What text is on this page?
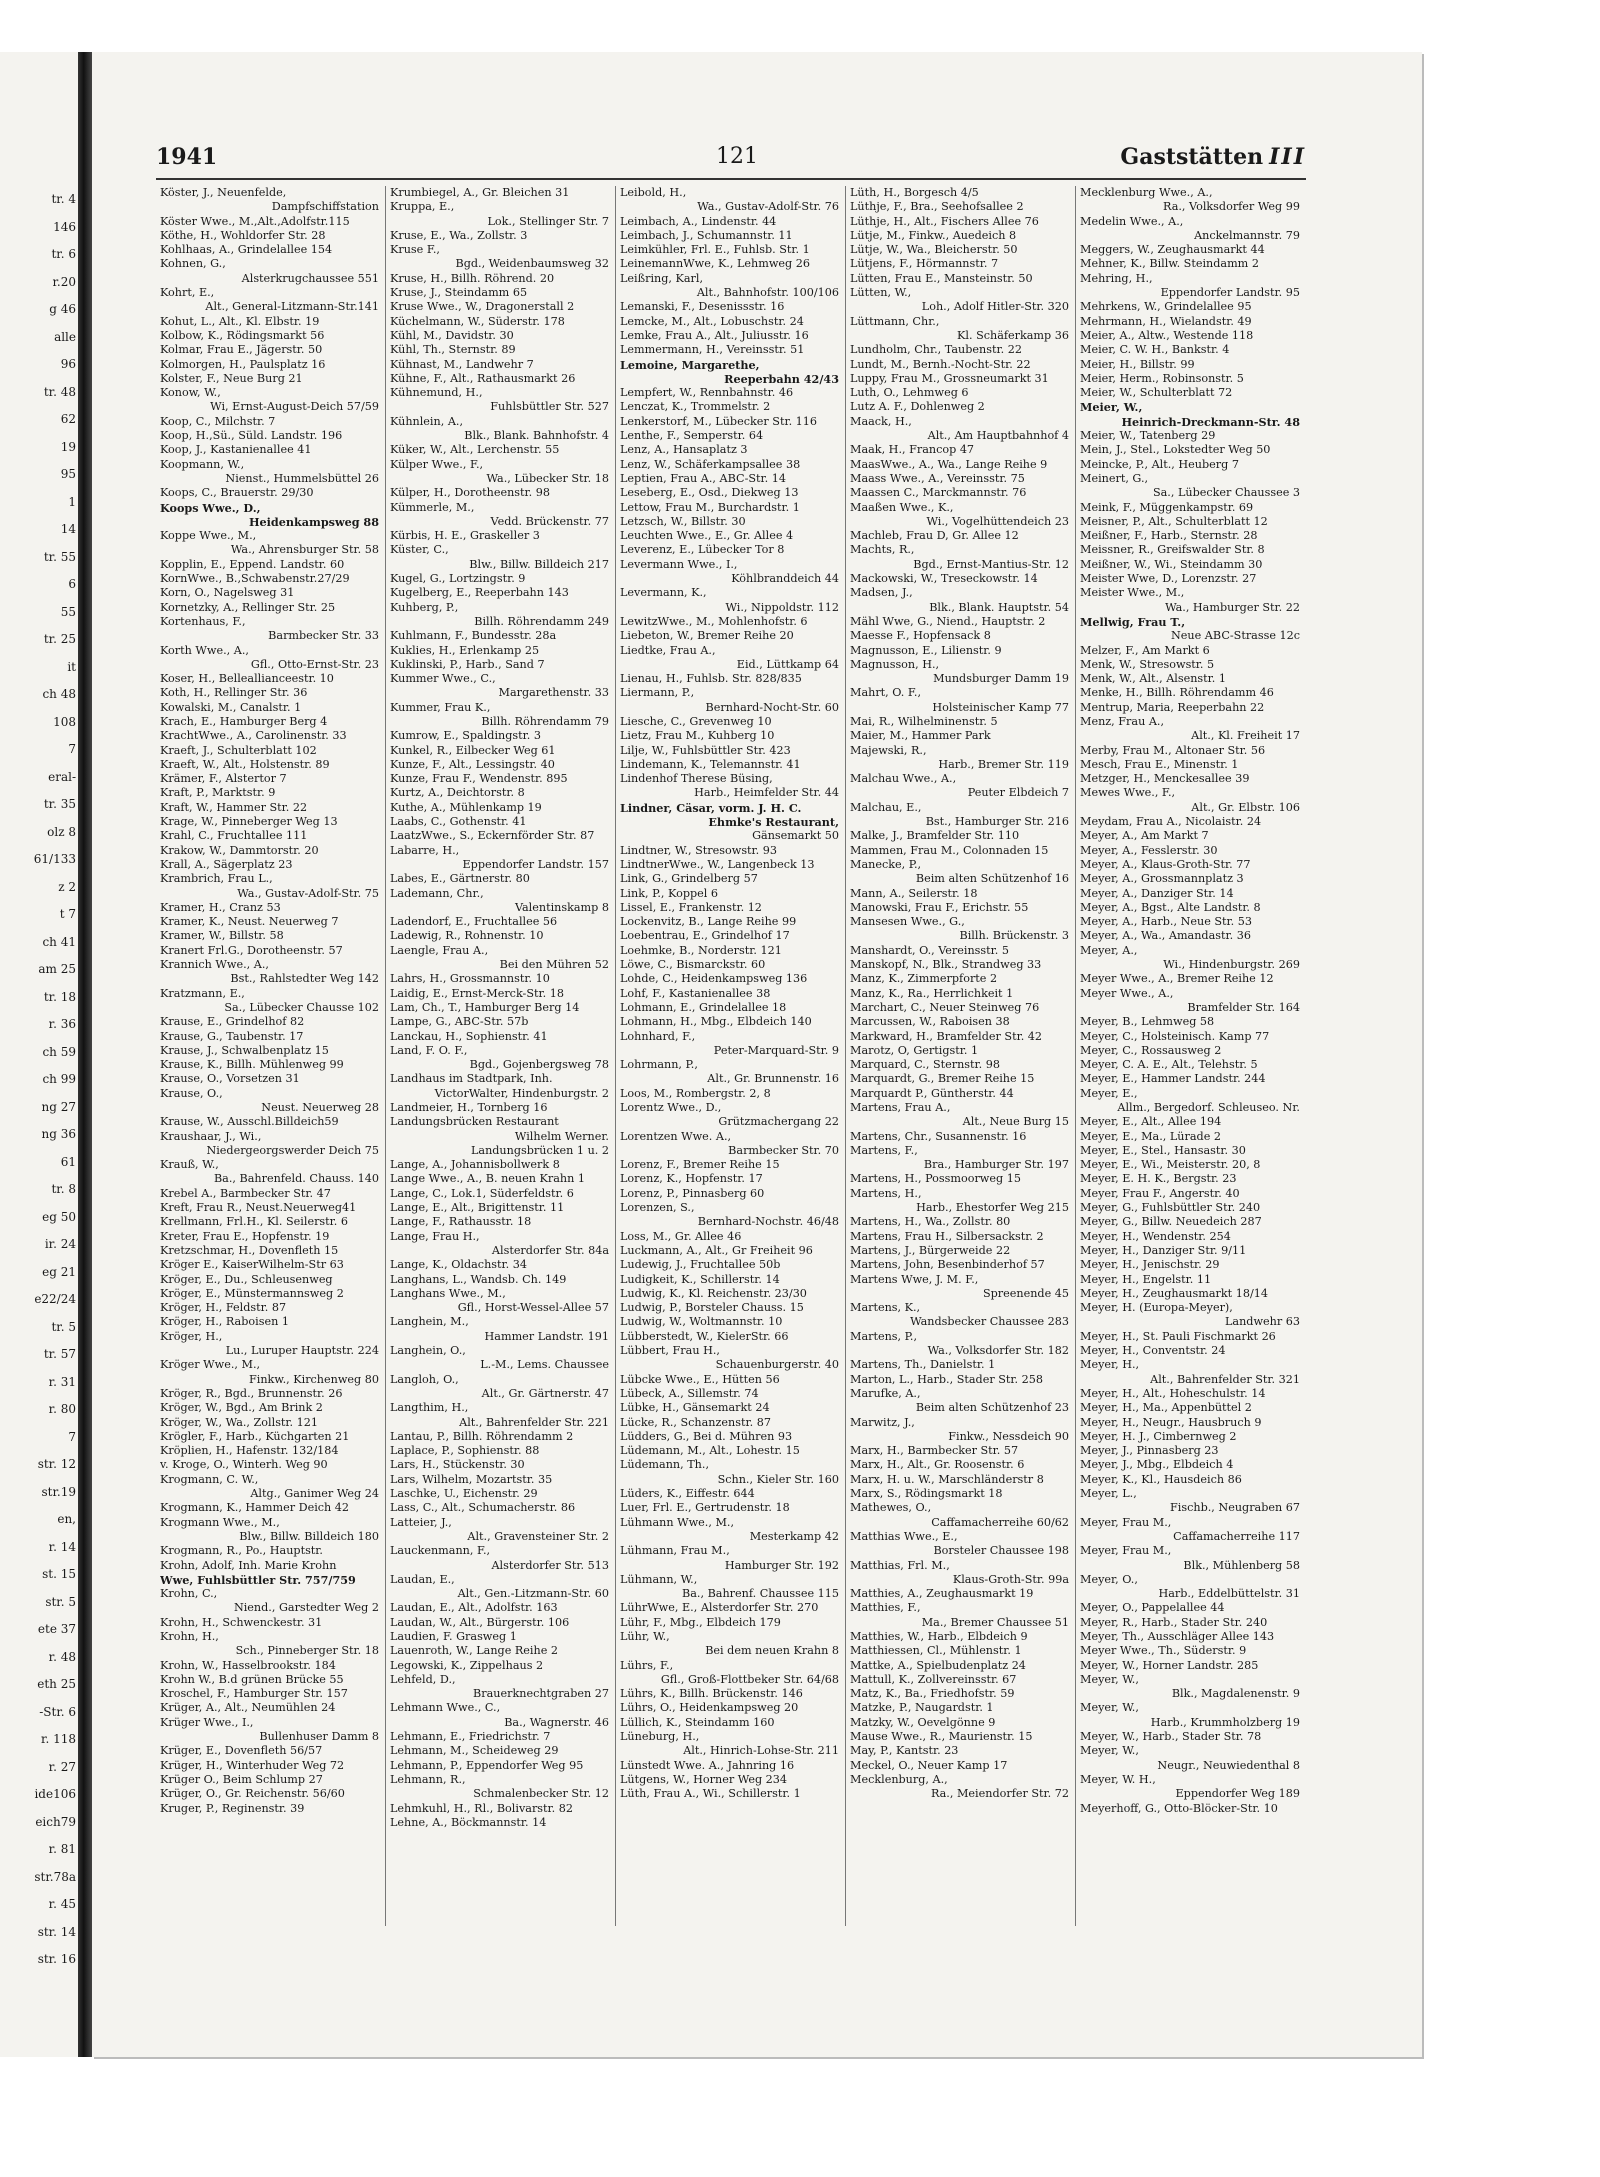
tr. 4
146
tr. 6
r.20
g 46
alle
96
tr. 48
62
19
95
1
14
tr. 55
6
55
tr. 25
it
ch 48
108
7
eral-
tr. 35
olz 8
61/133
z 2
t 7
ch 41
am 25
tr. 18
r. 36
ch 59
ch 99
ng 27
ng 36
61
tr. 8
eg 50
ir. 24
eg 21
e22/24
tr. 5
tr. 57
r. 31
r. 80
7
str. 12
str.19
en,
r. 14
st. 15
str. 5
ete 37
r. 48
eth 25
-Str. 6
r. 118
r. 27
ide106
eich79
r. 81
str.78a
r. 45
str. 14
str. 16
1941	121	Gaststätten III
Köster, J., Neuenfelde,
Dampfschiffstation
Köster Wwe., M.,Alt.,Adolfstr.115
Köthe, H., Wohldorfer Str. 28
Kohlhaas, A., Grindelallee 154
Kohnen, G.,
Alsterkrugchaussee 551
Kohrt, E.,
Alt., General-Litzmann-Str.141
Kohut, L., Alt., Kl. Elbstr. 19
Kolbow, K., Rödingsmarkt 56
Kolmar, Frau E., Jägerstr. 50
Kolmorgen, H., Paulsplatz 16
Kolster, F., Neue Burg 21
Konow, W.,
Wi, Ernst-August-Deich 57/59
Koop, C., Milchstr. 7
Koop, H.,Sü., Süld. Landstr. 196
Koop, J., Kastanienallee 41
Koopmann, W.,
Nienst., Hummelsbüttel 26
Koops, C., Brauerstr. 29/30
Koops Wwe., D.,
Heidenkampsweg 88
Koppe Wwe., M.,
Wa., Ahrensburger Str. 58
Kopplin, E., Eppend. Landstr. 60
KornWwe., B.,Schwabenstr.27/29
Korn, O., Nagelsweg 31
Kornetzky, A., Rellinger Str. 25
Kortenhaus, F.,
Barmbecker Str. 33
Korth Wwe., A.,
Gfl., Otto-Ernst-Str. 23
Koser, H., Belleallianceestr. 10
Koth, H., Rellinger Str. 36
Kowalski, M., Canalstr. 1
Krach, E., Hamburger Berg 4
KrachtWwe., A., Carolinenstr. 33
Kraeft, J., Schulterblatt 102
Kraeft, W., Alt., Holstenstr. 89
Krämer, F., Alstertor 7
Kraft, P., Marktstr. 9
Kraft, W., Hammer Str. 22
Krage, W., Pinneberger Weg 13
Krahl, C., Fruchtallee 111
Krakow, W., Dammtorstr. 20
Krall, A., Sägerplatz 23
Krambrich, Frau L.,
Wa., Gustav-Adolf-Str. 75
Kramer, H., Cranz 53
Kramer, K., Neust. Neuerweg 7
Kramer, W., Billstr. 58
Kranert Frl.G., Dorotheenstr. 57
Krannich Wwe., A.,
Bst., Rahlstedter Weg 142
Kratzmann, E.,
Sa., Lübecker Chausse 102
Krause, E., Grindelhof 82
Krause, G., Taubenstr. 17
Krause, J., Schwalbenplatz 15
Krause, K., Billh. Mühlenweg 99
Krause, O., Vorsetzen 31
Krause, O.,
Neust. Neuerweg 28
Krause, W., Ausschl.Billdeich59
Kraushaar, J., Wi.,
Niedergeorgswerder Deich 75
Krauß, W.,
Ba., Bahrenfeld. Chauss. 140
Krebel A., Barmbecker Str. 47
Kreft, Frau R., Neust.Neuerweg41
Krellmann, Frl.H., Kl. Seilerstr. 6
Kreter, Frau E., Hopfenstr. 19
Kretzschmar, H., Dovenfleth 15
Kröger E., KaiserWilhelm-Str 63
Kröger, E., Du., Schleusenweg
Kröger, E., Münstermannsweg 2
Kröger, H., Feldstr. 87
Kröger, H., Raboisen 1
Kröger, H.,
Lu., Luruper Hauptstr. 224
Kröger Wwe., M.,
Finkw., Kirchenweg 80
Kröger, R., Bgd., Brunnenstr. 26
Kröger, W., Bgd., Am Brink 2
Kröger, W., Wa., Zollstr. 121
Krögler, F., Harb., Küchgarten 21
Kröplien, H., Hafenstr. 132/184
v. Kroge, O., Winterh. Weg 90
Krogmann, C. W.,
Altg., Ganimer Weg 24
Krogmann, K., Hammer Deich 42
Krogmann Wwe., M.,
Blw., Billw. Billdeich 180
Krogmann, R., Po., Hauptstr.
Krohn, Adolf, Inh. Marie Krohn
Wwe, Fuhlsbüttler Str. 757/759
Krohn, C.,
Niend., Garstedter Weg 2
Krohn, H., Schwenckestr. 31
Krohn, H.,
Sch., Pinneberger Str. 18
Krohn, W., Hasselbrookstr. 184
Krohn W., B.d grünen Brücke 55
Kroschel, F., Hamburger Str. 157
Krüger, A., Alt., Neumühlen 24
Krüger Wwe., I.,
Bullenhuser Damm 8
Krüger, E., Dovenfleth 56/57
Krüger, H., Winterhuder Weg 72
Krüger O., Beim Schlump 27
Krüger, O., Gr. Reichenstr. 56/60
Kruger, P., Reginenstr. 39
Krumbiegel, A., Gr. Bleichen 31
Kruppa, E.,
Lok., Stellinger Str. 7
Kruse, E., Wa., Zollstr. 3
Kruse F.,
Bgd., Weidenbaumsweg 32
Kruse, H., Billh. Röhrend. 20
Kruse, J., Steindamm 65
Kruse Wwe., W., Dragonerstall 2
Küchelmann, W., Süderstr. 178
Kühl, M., Davidstr. 30
Kühl, Th., Sternstr. 89
Kühnast, M., Landwehr 7
Kühne, F., Alt., Rathausmarkt 26
Kühnemund, H.,
Fuhlsbüttler Str. 527
Kühnlein, A.,
Blk., Blank. Bahnhofstr. 4
Küker, W., Alt., Lerchenstr. 55
Külper Wwe., F.,
Wa., Lübecker Str. 18
Külper, H., Dorotheenstr. 98
Kümmerle, M.,
Vedd. Brückenstr. 77
Kürbis, H. E., Graskeller 3
Küster, C.,
Blw., Billw. Billdeich 217
Kugel, G., Lortzingstr. 9
Kugelberg, E., Reeperbahn 143
Kuhberg, P.,
Billh. Röhrendamm 249
Kuhlmann, F., Bundesstr. 28a
Kuklies, H., Erlenkamp 25
Kuklinski, P., Harb., Sand 7
Kummer Wwe., C.,
Margarethenstr. 33
Kummer, Frau K.,
Billh. Röhrendamm 79
Kumrow, E., Spaldingstr. 3
Kunkel, R., Eilbecker Weg 61
Kunze, F., Alt., Lessingstr. 40
Kunze, Frau F., Wendenstr. 895
Kurtz, A., Deichtorstr. 8
Kuthe, A., Mühlenkamp 19
Laabs, C., Gothenstr. 41
LaatzWwe., S., Eckernförder Str. 87
Labarre, H.,
Eppendorfer Landstr. 157
Labes, E., Gärtnerstr. 80
Lademann, Chr.,
Valentinskamp 8
Ladendorf, E., Fruchtallee 56
Ladewig, R., Rohnenstr. 10
Laengle, Frau A.,
Bei den Mühren 52
Lahrs, H., Grossmannstr. 10
Laidig, E., Ernst-Merck-Str. 18
Lam, Ch., T., Hamburger Berg 14
Lampe, G., ABC-Str. 57b
Lanckau, H., Sophienstr. 41
Land, F. O. F.,
Bgd., Gojenbergsweg 78
Landhaus im Stadtpark, Inh.
VictorWalter, Hindenburgstr. 2
Landmeier, H., Tornberg 16
Landungsbrücken Restaurant
Wilhelm Werner.
Landungsbrücken 1 u. 2
Lange, A., Johannisbollwerk 8
Lange Wwe., A., B. neuen Krahn 1
Lange, C., Lok.1, Süderfeldstr. 6
Lange, E., Alt., Brigittenstr. 11
Lange, F., Rathausstr. 18
Lange, Frau H.,
Alsterdorfer Str. 84a
Lange, K., Oldachstr. 34
Langhans, L., Wandsb. Ch. 149
Langhans Wwe., M.,
Gfl., Horst-Wessel-Allee 57
Langhein, M.,
Hammer Landstr. 191
Langhein, O.,
L.-M., Lems. Chaussee
Langloh, O.,
Alt., Gr. Gärtnerstr. 47
Langthim, H.,
Alt., Bahrenfelder Str. 221
Lantau, P., Billh. Röhrendamm 2
Laplace, P., Sophienstr. 88
Lars, H., Stückenstr. 30
Lars, Wilhelm, Mozartstr. 35
Laschke, U., Eichenstr. 29
Lass, C., Alt., Schumacherstr. 86
Latteier, J.,
Alt., Gravensteiner Str. 2
Lauckenmann, F.,
Alsterdorfer Str. 513
Laudan, E.,
Alt., Gen.-Litzmann-Str. 60
Laudan, E., Alt., Adolfstr. 163
Laudan, W., Alt., Bürgerstr. 106
Laudien, F. Grasweg 1
Lauenroth, W., Lange Reihe 2
Legowski, K., Zippelhaus 2
Lehfeld, D.,
Brauerknechtgraben 27
Lehmann Wwe., C.,
Ba., Wagnerstr. 46
Lehmann, E., Friedrichstr. 7
Lehmann, M., Scheideweg 29
Lehmann, P., Eppendorfer Weg 95
Lehmann, R.,
Schmalenbecker Str. 12
Lehmkuhl, H., Rl., Bolivarstr. 82
Lehne, A., Böckmannstr. 14
Leibold, H.,
Wa., Gustav-Adolf-Str. 76
Leimbach, A., Lindenstr. 44
Leimbach, J., Schumannstr. 11
Leimkühler, Frl. E., Fuhlsb. Str. 1
LeinemannWwe, K., Lehmweg 26
Leißring, Karl,
Alt., Bahnhofstr. 100/106
Lemanski, F., Desenissstr. 16
Lemcke, M., Alt., Lobuschstr. 24
Lemke, Frau A., Alt., Juliusstr. 16
Lemmermann, H., Vereinsstr. 51
Lemoine, Margarethe,
Reeperbahn 42/43
Lempfert, W., Rennbahnstr. 46
Lenczat, K., Trommelstr. 2
Lenkerstorf, M., Lübecker Str. 116
Lenthe, F., Semperstr. 64
Lenz, A., Hansaplatz 3
Lenz, W., Schäferkampsallee 38
Leptien, Frau A., ABC-Str. 14
Leseberg, E., Osd., Diekweg 13
Lettow, Frau M., Burchardstr. 1
Letzsch, W., Billstr. 30
Leuchten Wwe., E., Gr. Allee 4
Leverenz, E., Lübecker Tor 8
Levermann Wwe., I.,
Köhlbranddeich 44
Levermann, K.,
Wi., Nippoldstr. 112
LewitzWwe., M., Mohlenhofstr. 6
Liebeton, W., Bremer Reihe 20
Liedtke, Frau A.,
Eid., Lüttkamp 64
Lienau, H., Fuhlsb. Str. 828/835
Liermann, P.,
Bernhard-Nocht-Str. 60
Liesche, C., Grevenweg 10
Lietz, Frau M., Kuhberg 10
Lilje, W., Fuhlsbüttler Str. 423
Lindemann, K., Telemannstr. 41
Lindenhof Therese Büsing,
Harb., Heimfelder Str. 44
Lindner, Cäsar, vorm. J. H. C.
Ehmke's Restaurant,
Gänsemarkt 50
Lindtner, W., Stresowstr. 93
LindtnerWwe., W., Langenbeck 13
Link, G., Grindelberg 57
Link, P., Koppel 6
Lissel, E., Frankenstr. 12
Lockenvitz, B., Lange Reihe 99
Loebentrau, E., Grindelhof 17
Loehmke, B., Norderstr. 121
Löwe, C., Bismarckstr. 60
Lohde, C., Heidenkampsweg 136
Lohf, F., Kastanienallee 38
Lohmann, E., Grindelallee 18
Lohmann, H., Mbg., Elbdeich 140
Lohnhard, F.,
Peter-Marquard-Str. 9
Lohrmann, P.,
Alt., Gr. Brunnenstr. 16
Loos, M., Rombergstr. 2, 8
Lorentz Wwe., D.,
Grützmachergang 22
Lorentzen Wwe. A.,
Barmbecker Str. 70
Lorenz, F., Bremer Reihe 15
Lorenz, K., Hopfenstr. 17
Lorenz, P., Pinnasberg 60
Lorenzen, S.,
Bernhard-Nochstr. 46/48
Loss, M., Gr. Allee 46
Luckmann, A., Alt., Gr Freiheit 96
Ludewig, J., Fruchtallee 50b
Ludigkeit, K., Schillerstr. 14
Ludwig, K., Kl. Reichenstr. 23/30
Ludwig, P., Borsteler Chauss. 15
Ludwig, W., Woltmannstr. 10
Lübberstedt, W., KielerStr. 66
Lübbert, Frau H.,
Schauenburgerstr. 40
Lübcke Wwe., E., Hütten 56
Lübeck, A., Sillemstr. 74
Lübke, H., Gänsemarkt 24
Lücke, R., Schanzenstr. 87
Lüdders, G., Bei d. Mühren 93
Lüdemann, M., Alt., Lohestr. 15
Lüdemann, Th.,
Schn., Kieler Str. 160
Lüders, K., Eiffestr. 644
Luer, Frl. E., Gertrudenstr. 18
Lühmann Wwe., M.,
Mesterkamp 42
Lühmann, Frau M.,
Hamburger Str. 192
Lühmann, W.,
Ba., Bahrenf. Chaussee 115
LührWwe, E., Alsterdorfer Str. 270
Lühr, F., Mbg., Elbdeich 179
Lühr, W.,
Bei dem neuen Krahn 8
Lührs, F.,
Gfl., Groß-Flottbeker Str. 64/68
Lührs, K., Billh. Brückenstr. 146
Lührs, O., Heidenkampsweg 20
Lüllich, K., Steindamm 160
Lüneburg, H.,
Alt., Hinrich-Lohse-Str. 211
Lünstedt Wwe. A., Jahnring 16
Lütgens, W., Horner Weg 234
Lüth, Frau A., Wi., Schillerstr. 1
Lüth, H., Borgesch 4/5
Lüthje, F., Bra., Seehofsallee 2
Lüthje, H., Alt., Fischers Allee 76
Lütje, M., Finkw., Auedeich 8
Lütje, W., Wa., Bleicherstr. 50
Lütjens, F., Hörmannstr. 7
Lütten, Frau E., Mansteinstr. 50
Lütten, W.,
Loh., Adolf Hitler-Str. 320
Lüttmann, Chr.,
Kl. Schäferkamp 36
Lundholm, Chr., Taubenstr. 22
Lundt, M., Bernh.-Nocht-Str. 22
Luppy, Frau M., Grossneumarkt 31
Luth, O., Lehmweg 6
Lutz A. F., Dohlenweg 2
Maack, H.,
Alt., Am Hauptbahnhof 4
Maak, H., Francop 47
MaasWwe., A., Wa., Lange Reihe 9
Maass Wwe., A., Vereinsstr. 75
Maassen C., Marckmannstr. 76
Maaßen Wwe., K.,
Wi., Vogelhüttendeich 23
Machleb, Frau D, Gr. Allee 12
Machts, R.,
Bgd., Ernst-Mantius-Str. 12
Mackowski, W., Treseckowstr. 14
Madsen, J.,
Blk., Blank. Hauptstr. 54
Mähl Wwe, G., Niend., Hauptstr. 2
Maesse F., Hopfensack 8
Magnusson, E., Lilienstr. 9
Magnusson, H.,
Mundsburger Damm 19
Mahrt, O. F.,
Holsteinischer Kamp 77
Mai, R., Wilhelminenstr. 5
Maier, M., Hammer Park
Majewski, R.,
Harb., Bremer Str. 119
Malchau Wwe., A.,
Peuter Elbdeich 7
Malchau, E.,
Bst., Hamburger Str. 216
Malke, J., Bramfelder Str. 110
Mammen, Frau M., Colonnaden 15
Manecke, P.,
Beim alten Schützenhof 16
Mann, A., Seilerstr. 18
Manowski, Frau F., Erichstr. 55
Mansesen Wwe., G.,
Billh. Brückenstr. 3
Manshardt, O., Vereinsstr. 5
Manskopf, N., Blk., Strandweg 33
Manz, K., Zimmerpforte 2
Manz, K., Ra., Herrlichkeit 1
Marchart, C., Neuer Steinweg 76
Marcussen, W., Raboisen 38
Markward, H., Bramfelder Str. 42
Marotz, O, Gertigstr. 1
Marquard, C., Sternstr. 98
Marquardt, G., Bremer Reihe 15
Marquardt P., Güntherstr. 44
Martens, Frau A.,
Alt., Neue Burg 15
Martens, Chr., Susannenstr. 16
Martens, F.,
Bra., Hamburger Str. 197
Martens, H., Possmoorweg 15
Martens, H.,
Harb., Ehestorfer Weg 215
Martens, H., Wa., Zollstr. 80
Martens, Frau H., Silbersackstr. 2
Martens, J., Bürgerweide 22
Martens, John, Besenbinderhof 57
Martens Wwe, J. M. F.,
Spreenende 45
Martens, K.,
Wandsbecker Chaussee 283
Martens, P.,
Wa., Volksdorfer Str. 182
Martens, Th., Danielstr. 1
Marton, L., Harb., Stader Str. 258
Marufke, A.,
Beim alten Schützenhof 23
Marwitz, J.,
Finkw., Nessdeich 90
Marx, H., Barmbecker Str. 57
Marx, H., Alt., Gr. Roosenstr. 6
Marx, H. u. W., Marschländerstr 8
Marx, S., Rödingsmarkt 18
Mathewes, O.,
Caffamacherreihe 60/62
Matthias Wwe., E.,
Borsteler Chaussee 198
Matthias, Frl. M.,
Klaus-Groth-Str. 99a
Matthies, A., Zeughausmarkt 19
Matthies, F.,
Ma., Bremer Chaussee 51
Matthies, W., Harb., Elbdeich 9
Matthiessen, Cl., Mühlenstr. 1
Mattke, A., Spielbudenplatz 24
Mattull, K., Zollvereinsstr. 67
Matz, K., Ba., Friedhofstr. 59
Matzke, P., Naugardstr. 1
Matzky, W., Oevelgönne 9
Mause Wwe., R., Maurienstr. 15
May, P., Kantstr. 23
Meckel, O., Neuer Kamp 17
Mecklenburg, A.,
Ra., Meiendorfer Str. 72
Mecklenburg Wwe., A.,
Ra., Volksdorfer Weg 99
Medelin Wwe., A.,
Anckelmannstr. 79
Meggers, W., Zeughausmarkt 44
Mehner, K., Billw. Steindamm 2
Mehring, H.,
Eppendorfer Landstr. 95
Mehrkens, W., Grindelallee 95
Mehrmann, H., Wielandstr. 49
Meier, A., Altw., Westende 118
Meier, C. W. H., Bankstr. 4
Meier, H., Billstr. 99
Meier, Herm., Robinsonstr. 5
Meier, W., Schulterblatt 72
Meier, W.,
Heinrich-Dreckmann-Str. 48
Meier, W., Tatenberg 29
Mein, J., Stel., Lokstedter Weg 50
Meincke, P., Alt., Heuberg 7
Meinert, G.,
Sa., Lübecker Chaussee 3
Meink, F., Müggenkampstr. 69
Meisner, P., Alt., Schulterblatt 12
Meißner, F., Harb., Sternstr. 28
Meissner, R., Greifswalder Str. 8
Meißner, W., Wi., Steindamm 30
Meister Wwe, D., Lorenzstr. 27
Meister Wwe., M.,
Wa., Hamburger Str. 22
Mellwig, Frau T.,
Neue ABC-Strasse 12c
Melzer, F., Am Markt 6
Menk, W., Stresowstr. 5
Menk, W., Alt., Alsenstr. 1
Menke, H., Billh. Röhrendamm 46
Mentrup, Maria, Reeperbahn 22
Menz, Frau A.,
Alt., Kl. Freiheit 17
Merby, Frau M., Altonaer Str. 56
Mesch, Frau E., Minenstr. 1
Metzger, H., Menckesallee 39
Mewes Wwe., F.,
Alt., Gr. Elbstr. 106
Meydam, Frau A., Nicolaistr. 24
Meyer, A., Am Markt 7
Meyer, A., Fesslerstr. 30
Meyer, A., Klaus-Groth-Str. 77
Meyer, A., Grossmannplatz 3
Meyer, A., Danziger Str. 14
Meyer, A., Bgst., Alte Landstr. 8
Meyer, A., Harb., Neue Str. 53
Meyer, A., Wa., Amandastr. 36
Meyer, A.,
Wi., Hindenburgstr. 269
Meyer Wwe., A., Bremer Reihe 12
Meyer Wwe., A.,
Bramfelder Str. 164
Meyer, B., Lehmweg 58
Meyer, C., Holsteinisch. Kamp 77
Meyer, C., Rossausweg 2
Meyer, C. A. E., Alt., Telehstr. 5
Meyer, E., Hammer Landstr. 244
Meyer, E.,
Allm., Bergedorf. Schleuseo. Nr.
Meyer, E., Alt., Allee 194
Meyer, E., Ma., Lürade 2
Meyer, E., Stel., Hansastr. 30
Meyer, E., Wi., Meisterstr. 20, 8
Meyer, E. H. K., Bergstr. 23
Meyer, Frau F., Angerstr. 40
Meyer, G., Fuhlsbüttler Str. 240
Meyer, G., Billw. Neuedeich 287
Meyer, H., Wendenstr. 254
Meyer, H., Danziger Str. 9/11
Meyer, H., Jenischstr. 29
Meyer, H., Engelstr. 11
Meyer, H., Zeughausmarkt 18/14
Meyer, H. (Europa-Meyer),
Landwehr 63
Meyer, H., St. Pauli Fischmarkt 26
Meyer, H., Conventstr. 24
Meyer, H.,
Alt., Bahrenfelder Str. 321
Meyer, H., Alt., Hoheschulstr. 14
Meyer, H., Ma., Appenbüttel 2
Meyer, H., Neugr., Hausbruch 9
Meyer, H. J., Cimbernweg 2
Meyer, J., Pinnasberg 23
Meyer, J., Mbg., Elbdeich 4
Meyer, K., Kl., Hausdeich 86
Meyer, L.,
Fischb., Neugraben 67
Meyer, Frau M.,
Caffamacherreihe 117
Meyer, Frau M.,
Blk., Mühlenberg 58
Meyer, O.,
Harb., Eddelbüttelstr. 31
Meyer, O., Pappelallee 44
Meyer, R., Harb., Stader Str. 240
Meyer, Th., Ausschläger Allee 143
Meyer Wwe., Th., Süderstr. 9
Meyer, W., Horner Landstr. 285
Meyer, W.,
Blk., Magdalenenstr. 9
Meyer, W.,
Harb., Krummholzberg 19
Meyer, W., Harb., Stader Str. 78
Meyer, W.,
Neugr., Neuwiedenthal 8
Meyer, W. H.,
Eppendorfer Weg 189
Meyerhoff, G., Otto-Blöcker-Str. 10
